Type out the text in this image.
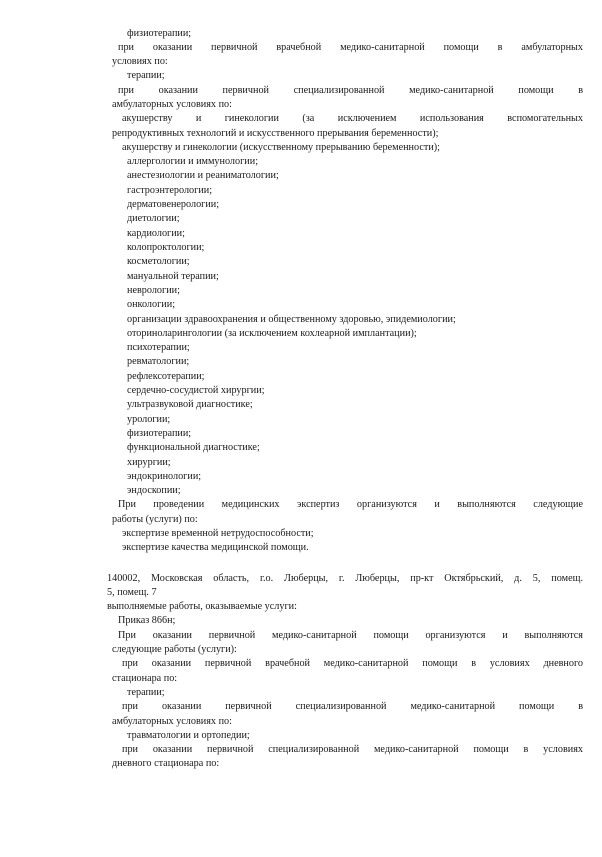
физиотерапии;
при оказании первичной врачебной медико-санитарной помощи в амбулаторных
условиях по:
терапии;
при оказании первичной специализированной медико-санитарной помощи в
амбулаторных условиях по:
акушерству и гинекологии (за исключением использования вспомогательных
репродуктивных технологий и искусственного прерывания беременности);
акушерству и гинекологии (искусственному прерыванию беременности);
аллергологии и иммунологии;
анестезиологии и реаниматологии;
гастроэнтерологии;
дерматовенерологии;
диетологии;
кардиологии;
колопроктологии;
косметологии;
мануальной терапии;
неврологии;
онкологии;
организации здравоохранения и общественному здоровью, эпидемиологии;
оториноларингологии (за исключением кохлеарной имплантации);
психотерапии;
ревматологии;
рефлексотерапии;
сердечно-сосудистой хирургии;
ультразвуковой диагностике;
урологии;
физиотерапии;
функциональной диагностике;
хирургии;
эндокринологии;
эндоскопии;
При проведении медицинских экспертиз организуются и выполняются следующие
работы (услуги) по:
экспертизе временной нетрудоспособности;
экспертизе качества медицинской помощи.
140002, Московская область, г.о. Люберцы, г. Люберцы, пр-кт Октябрьский, д. 5, помещ.
5, помещ. 7
выполняемые работы, оказываемые услуги:
Приказ 866н;
При оказании первичной медико-санитарной помощи организуются и выполняются
следующие работы (услуги):
при оказании первичной врачебной медико-санитарной помощи в условиях дневного
стационара по:
терапии;
при оказании первичной специализированной медико-санитарной помощи в
амбулаторных условиях по:
травматологии и ортопедии;
при оказании первичной специализированной медико-санитарной помощи в условиях
дневного стационара по:
